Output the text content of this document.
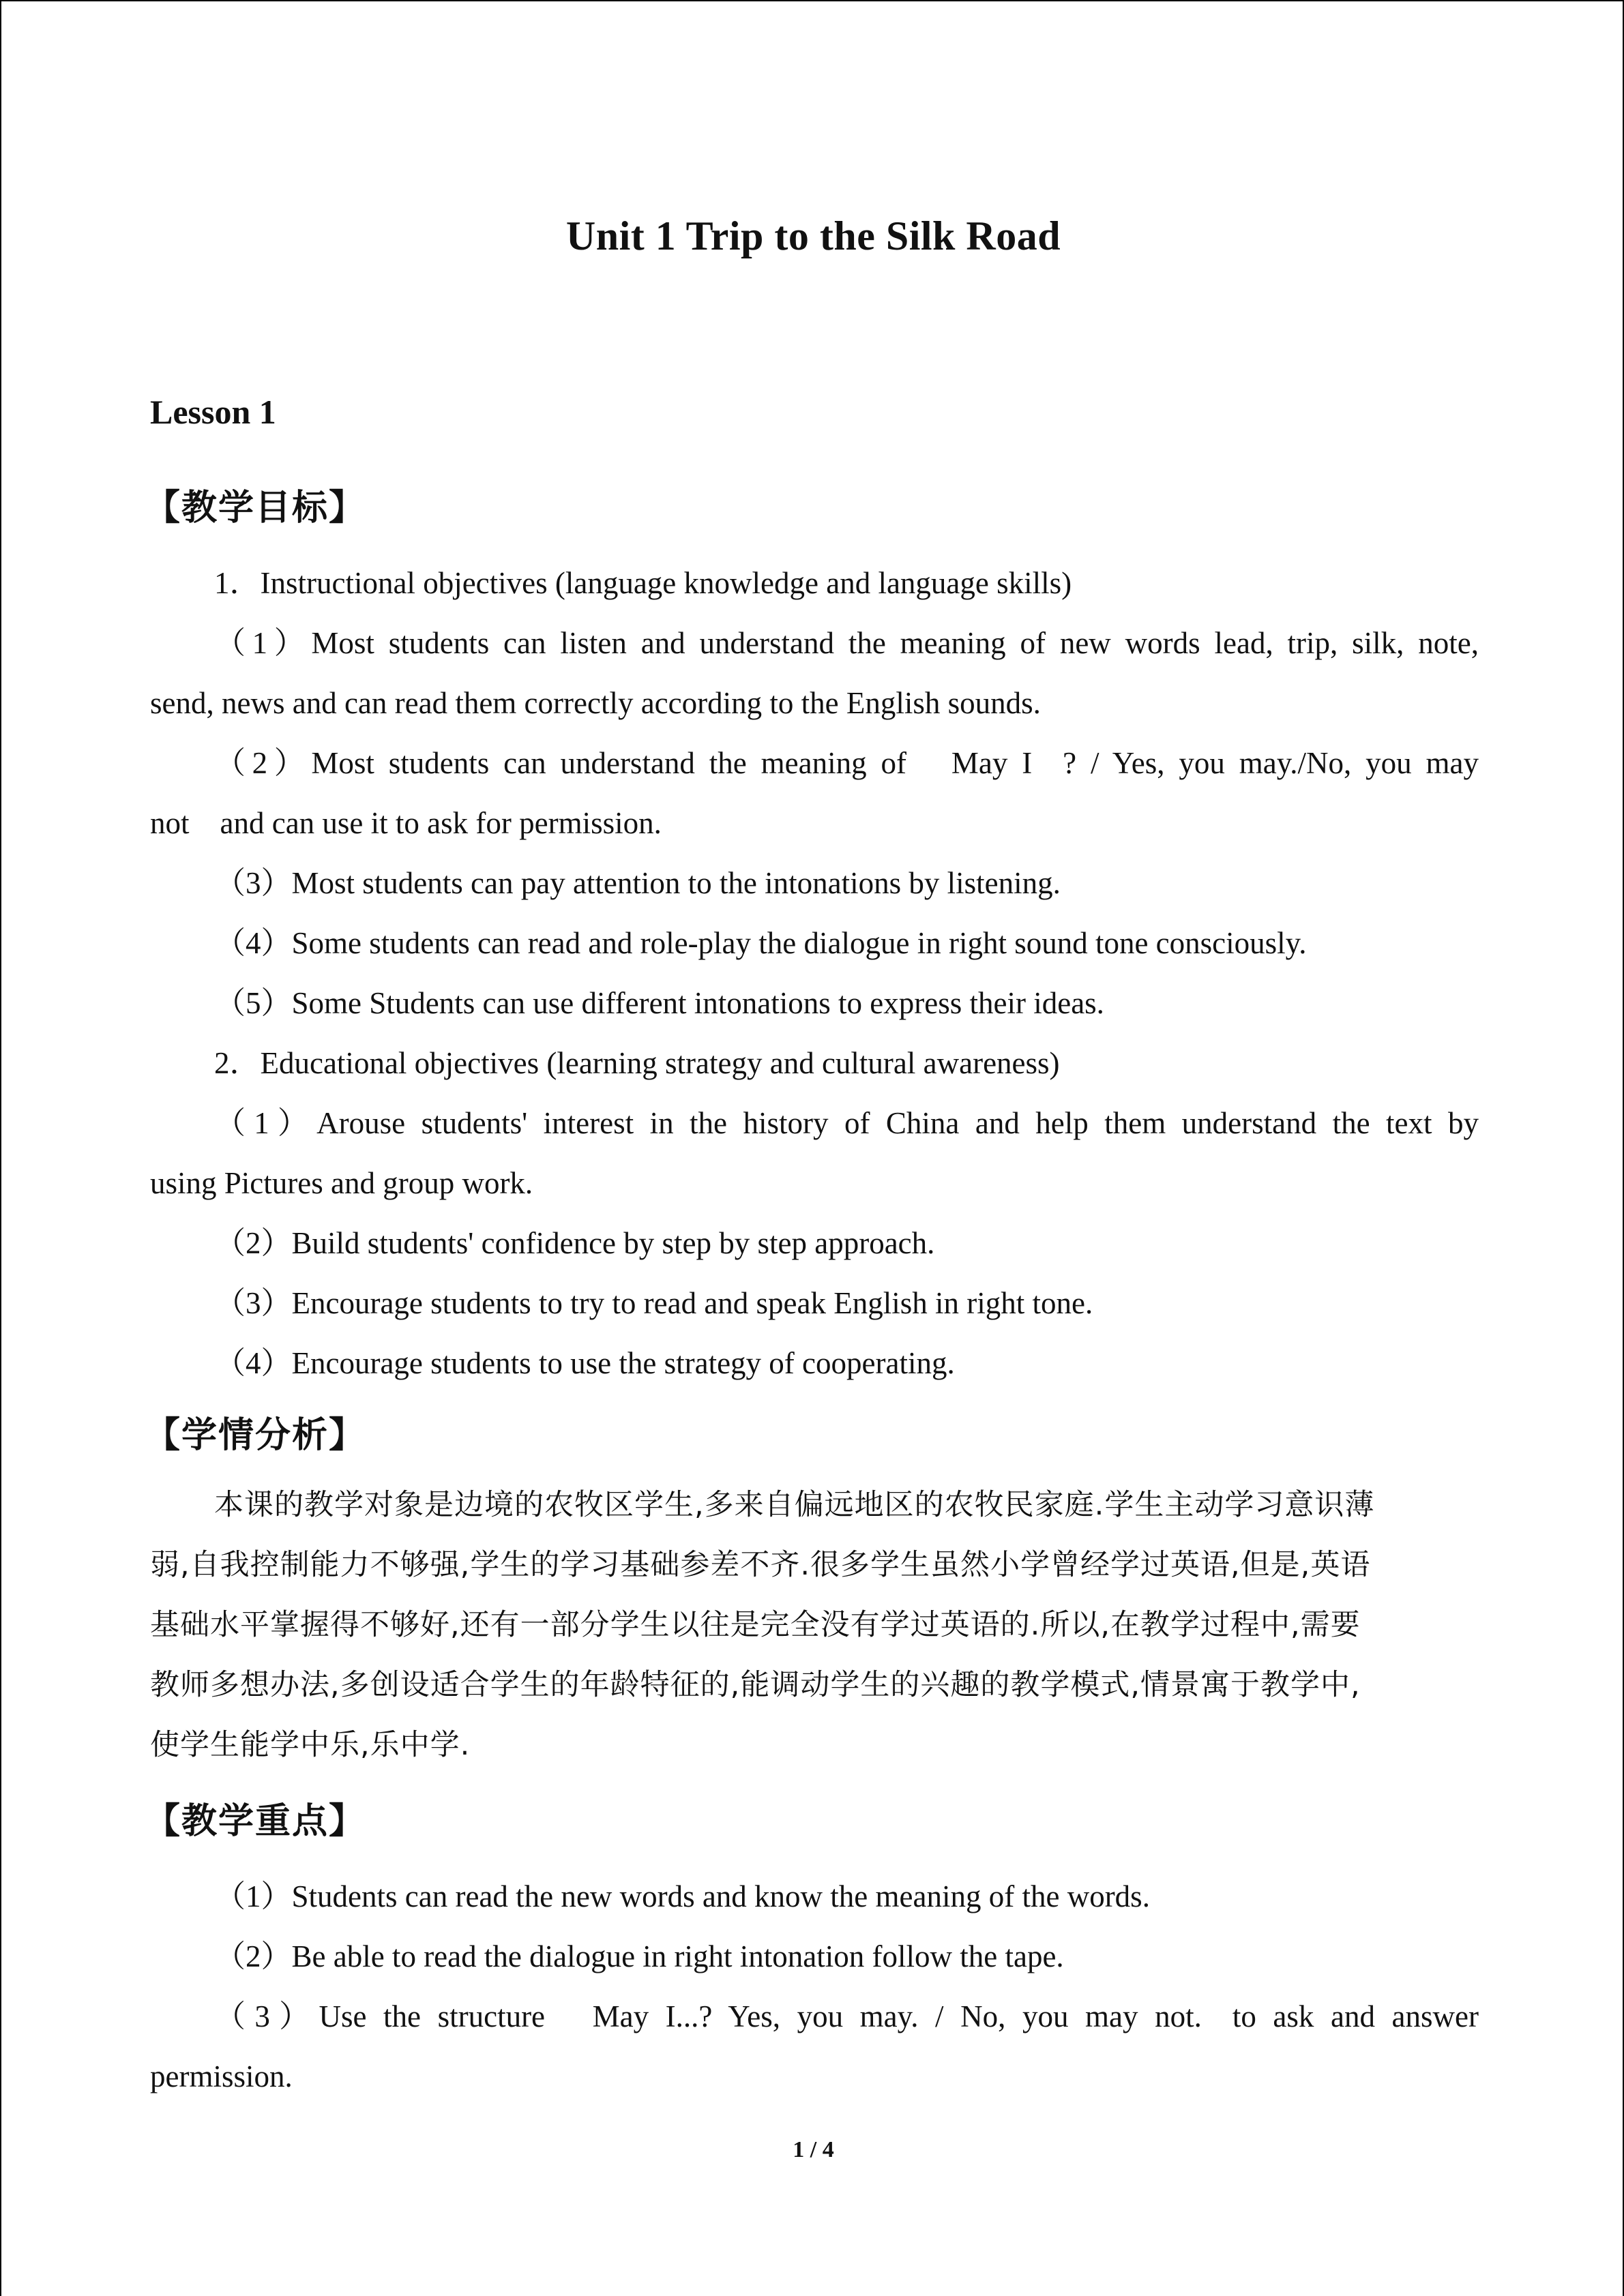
Unit 1 Trip to the Silk Road
Lesson 1
【教学目标】
1．Instructional objectives (language knowledge and language skills)
（1）Most students can listen and understand the meaning of new words lead, trip, silk, note,
send, news and can read them correctly according to the English sounds.
（2）Most students can understand the meaning of  May I ? / Yes, you may./No, you may
not and can use it to ask for permission.
（3）Most students can pay attention to the intonations by listening.
（4）Some students can read and role-play the dialogue in right sound tone consciously.
（5）Some Students can use different intonations to express their ideas.
2．Educational objectives (learning strategy and cultural awareness)
（1）Arouse students' interest in the history of China and help them understand the text by
using Pictures and group work.
（2）Build students' confidence by step by step approach.
（3）Encourage students to try to read and speak English in right tone.
（4）Encourage students to use the strategy of cooperating.
【学情分析】
本课的教学对象是边境的农牧区学生,多来自偏远地区的农牧民家庭.学生主动学习意识薄
弱,自我控制能力不够强,学生的学习基础参差不齐.很多学生虽然小学曾经学过英语,但是,英语
基础水平掌握得不够好,还有一部分学生以往是完全没有学过英语的.所以,在教学过程中,需要
教师多想办法,多创设适合学生的年龄特征的,能调动学生的兴趣的教学模式,情景寓于教学中,
使学生能学中乐,乐中学.
【教学重点】
（1）Students can read the new words and know the meaning of the words.
（2）Be able to read the dialogue in right intonation follow the tape.
（3）Use the structure  May I...? Yes, you may. / No, you may not. to ask and answer
permission.
1 / 4
